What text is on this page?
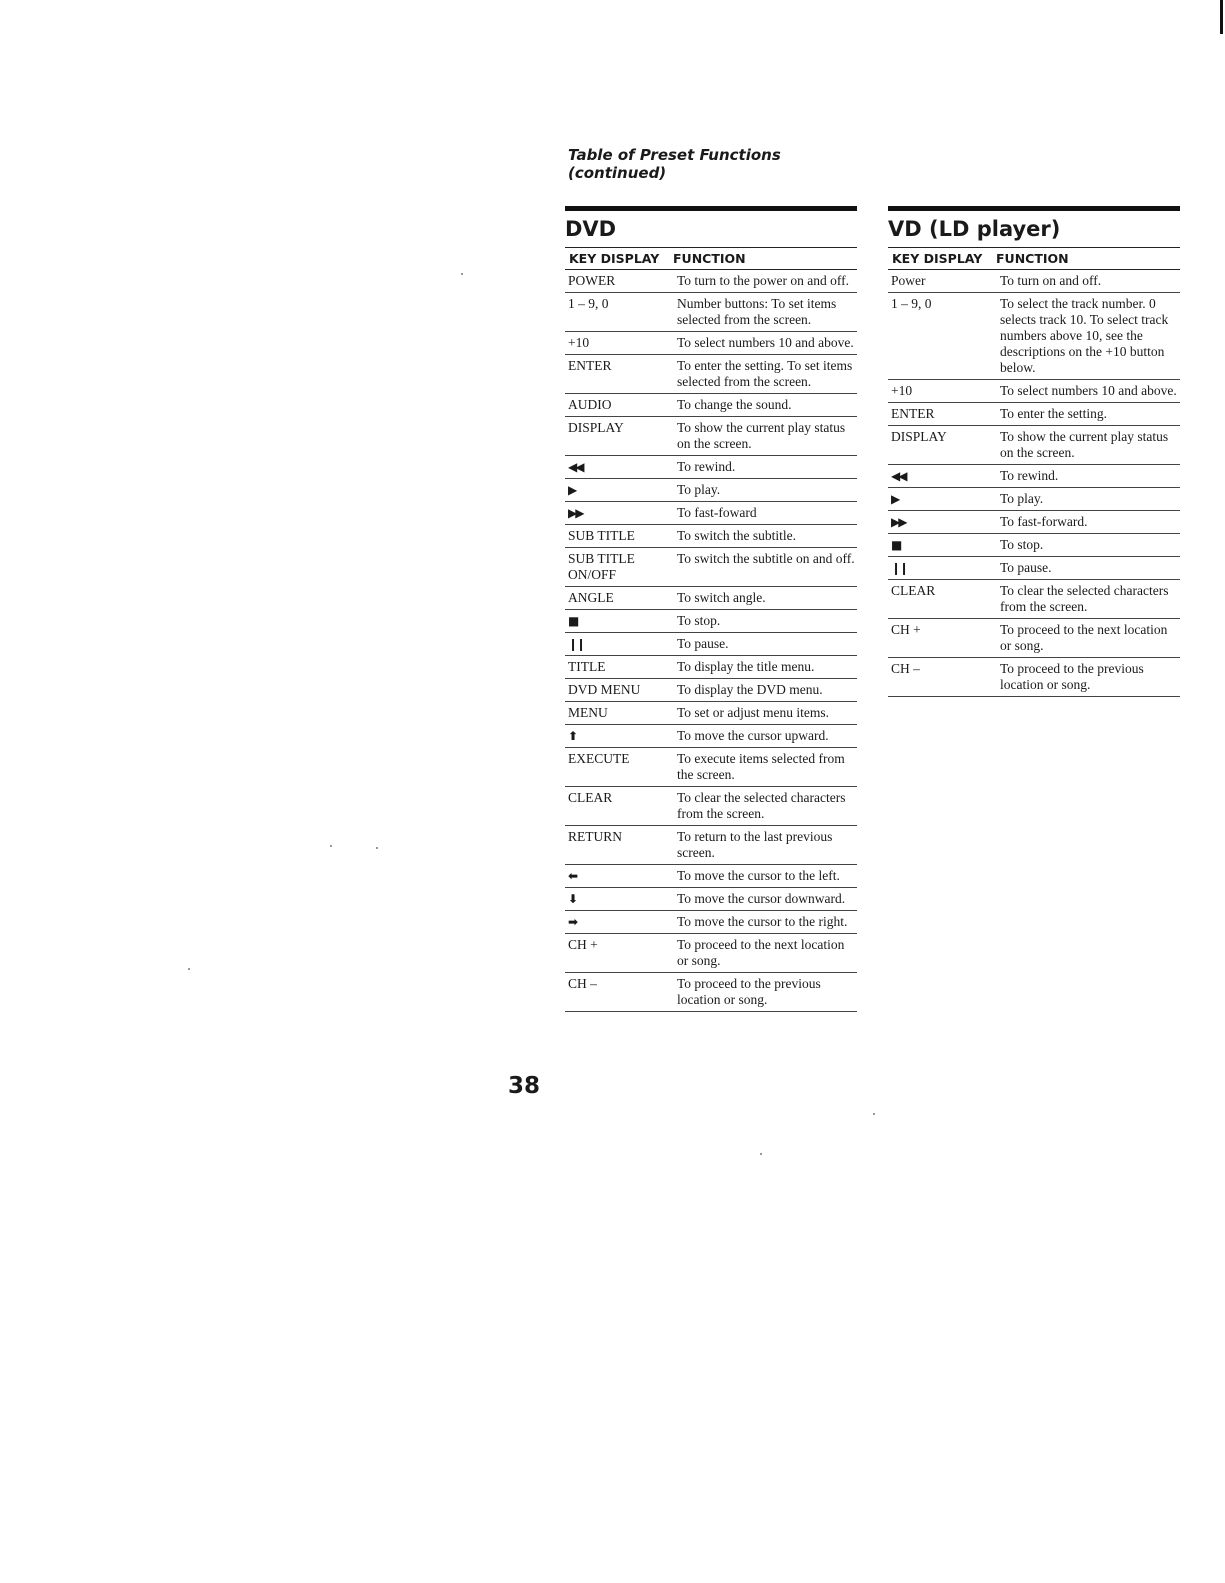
Table of Preset Functions
(continued)
DVD
KEY DISPLAY	FUNCTION
POWER	To turn to the power on and off.
1 – 9, 0	Number buttons: To set items selected from the screen.
+10	To select numbers 10 and above.
ENTER	To enter the setting. To set items selected from the screen.
AUDIO	To change the sound.
DISPLAY	To show the current play status on the screen.
◀◀	To rewind.
▶	To play.
▶▶	To fast-foward
SUB TITLE	To switch the subtitle.
SUB TITLE ON/OFF	To switch the subtitle on and off.
ANGLE	To switch angle.
■	To stop.
❙❙	To pause.
TITLE	To display the title menu.
DVD MENU	To display the DVD menu.
MENU	To set or adjust menu items.
⬆	To move the cursor upward.
EXECUTE	To execute items selected from the screen.
CLEAR	To clear the selected characters from the screen.
RETURN	To return to the last previous screen.
⬅	To move the cursor to the left.
⬇	To move the cursor downward.
➡	To move the cursor to the right.
CH +	To proceed to the next location or song.
CH –	To proceed to the previous location or song.
VD (LD player)
KEY DISPLAY	FUNCTION
Power	To turn on and off.
1 – 9, 0	To select the track number. 0 selects track 10. To select track numbers above 10, see the descriptions on the +10 button below.
+10	To select numbers 10 and above.
ENTER	To enter the setting.
DISPLAY	To show the current play status on the screen.
◀◀	To rewind.
▶	To play.
▶▶	To fast-forward.
■	To stop.
❙❙	To pause.
CLEAR	To clear the selected characters from the screen.
CH +	To proceed to the next location or song.
CH –	To proceed to the previous location or song.
38
